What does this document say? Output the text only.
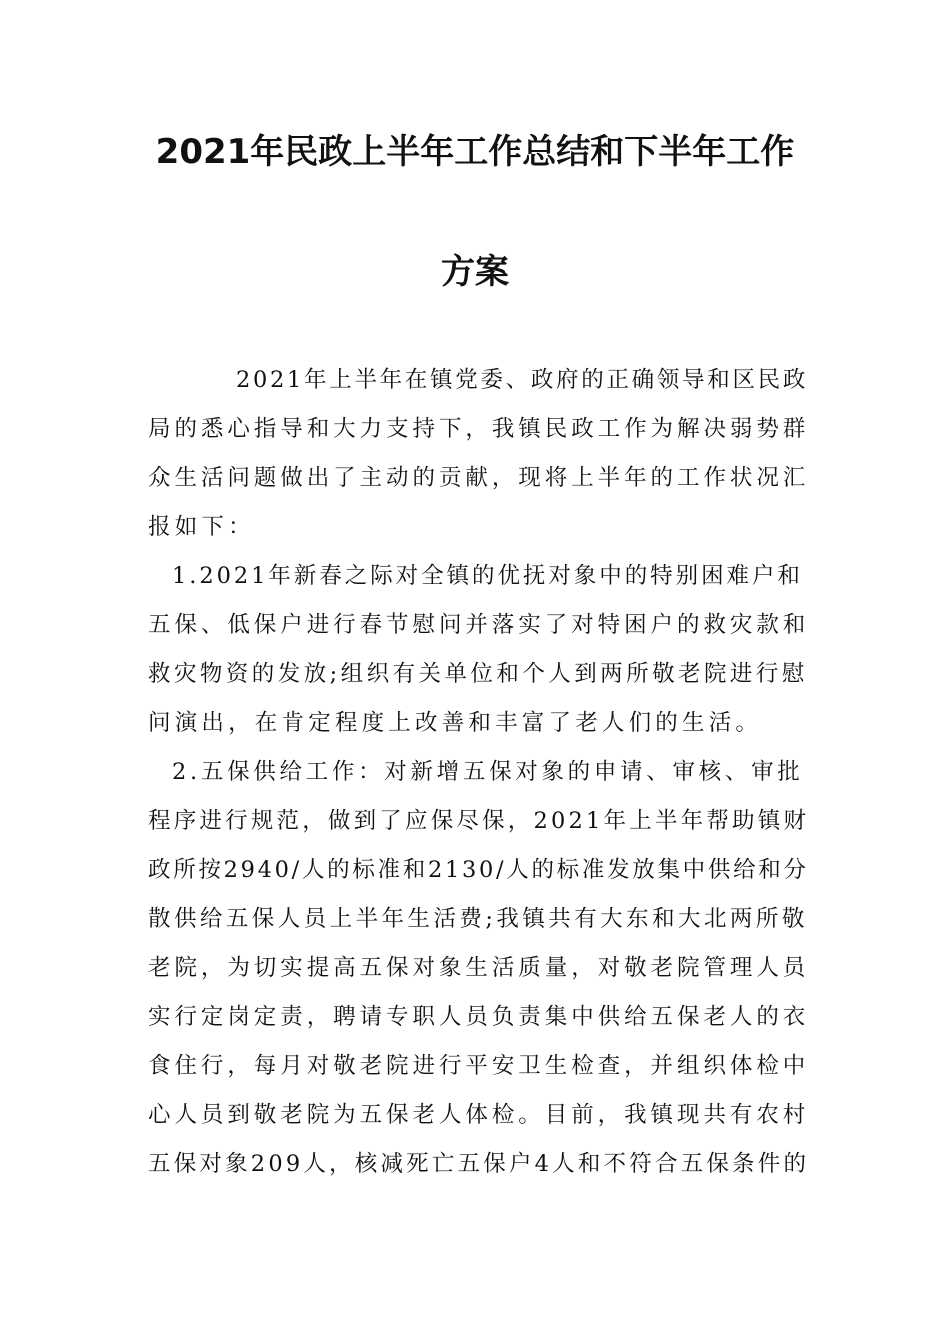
2021年民政上半年工作总结和下半年工作
方案

2021年上半年在镇党委、政府的正确领导和区民政

局的悉心指导和大力支持下，我镇民政工作为解决弱势群

众生活问题做出了主动的贡献，现将上半年的工作状况汇

报如下：

1.2021年新春之际对全镇的优抚对象中的特别困难户和

五保、低保户进行春节慰问并落实了对特困户的救灾款和

救灾物资的发放;组织有关单位和个人到两所敬老院进行慰

问演出，在肯定程度上改善和丰富了老人们的生活。

2.五保供给工作：对新增五保对象的申请、审核、审批

程序进行规范，做到了应保尽保，2021年上半年帮助镇财

政所按2940/人的标准和2130/人的标准发放集中供给和分

散供给五保人员上半年生活费;我镇共有大东和大北两所敬

老院，为切实提高五保对象生活质量，对敬老院管理人员

实行定岗定责，聘请专职人员负责集中供给五保老人的衣

食住行，每月对敬老院进行平安卫生检查，并组织体检中

心人员到敬老院为五保老人体检。目前，我镇现共有农村

五保对象209人，核减死亡五保户4人和不符合五保条件的
